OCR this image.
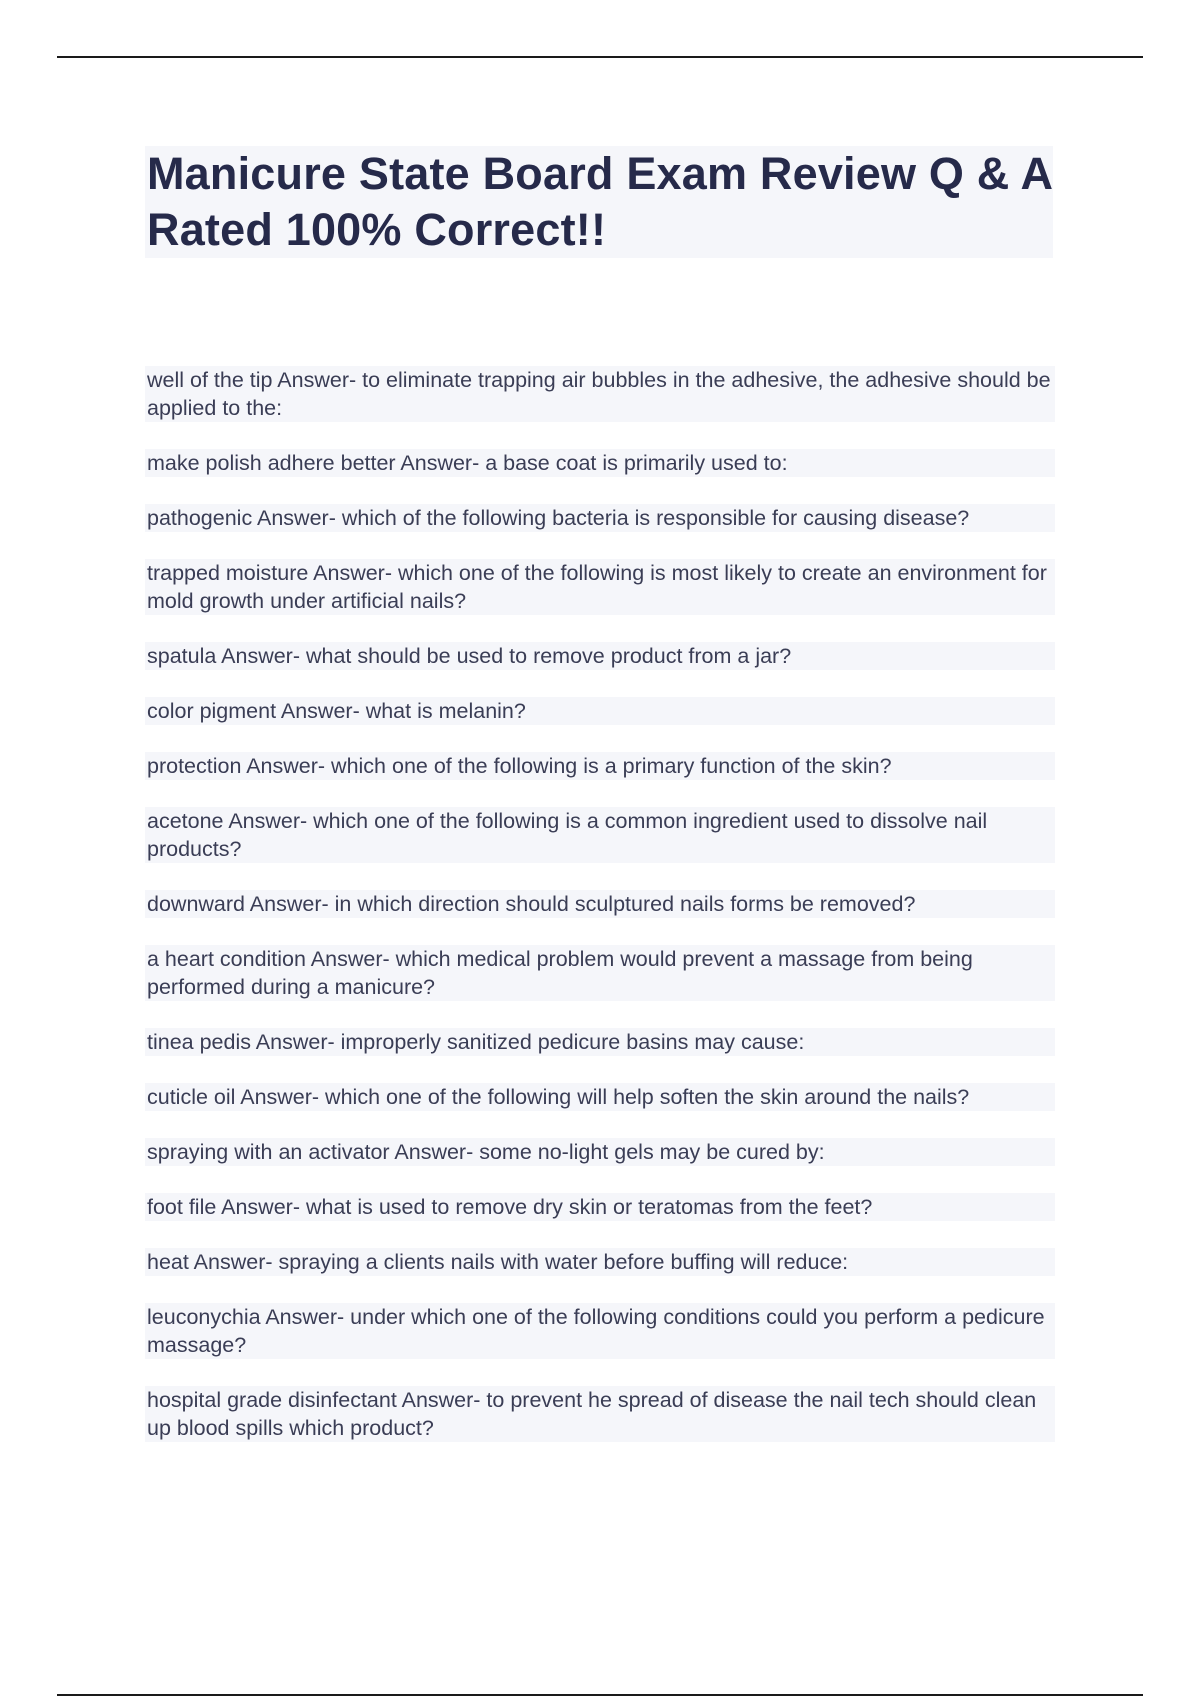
Manicure State Board Exam Review Q & A Rated 100% Correct!!

well of the tip Answer- to eliminate trapping air bubbles in the adhesive, the adhesive should be applied to the:

make polish adhere better Answer- a base coat is primarily used to:

pathogenic Answer- which of the following bacteria is responsible for causing disease?

trapped moisture Answer- which one of the following is most likely to create an environment for mold growth under artificial nails?

spatula Answer- what should be used to remove product from a jar?

color pigment Answer- what is melanin?

protection Answer- which one of the following is a primary function of the skin?

acetone Answer- which one of the following is a common ingredient used to dissolve nail products?

downward Answer- in which direction should sculptured nails forms be removed?

a heart condition Answer- which medical problem would prevent a massage from being performed during a manicure?

tinea pedis Answer- improperly sanitized pedicure basins may cause:

cuticle oil Answer- which one of the following will help soften the skin around the nails?

spraying with an activator Answer- some no-light gels may be cured by:

foot file Answer- what is used to remove dry skin or teratomas from the feet?

heat Answer- spraying a clients nails with water before buffing will reduce:

leuconychia Answer- under which one of the following conditions could you perform a pedicure massage?

hospital grade disinfectant Answer- to prevent he spread of disease the nail tech should clean up blood spills which product?
